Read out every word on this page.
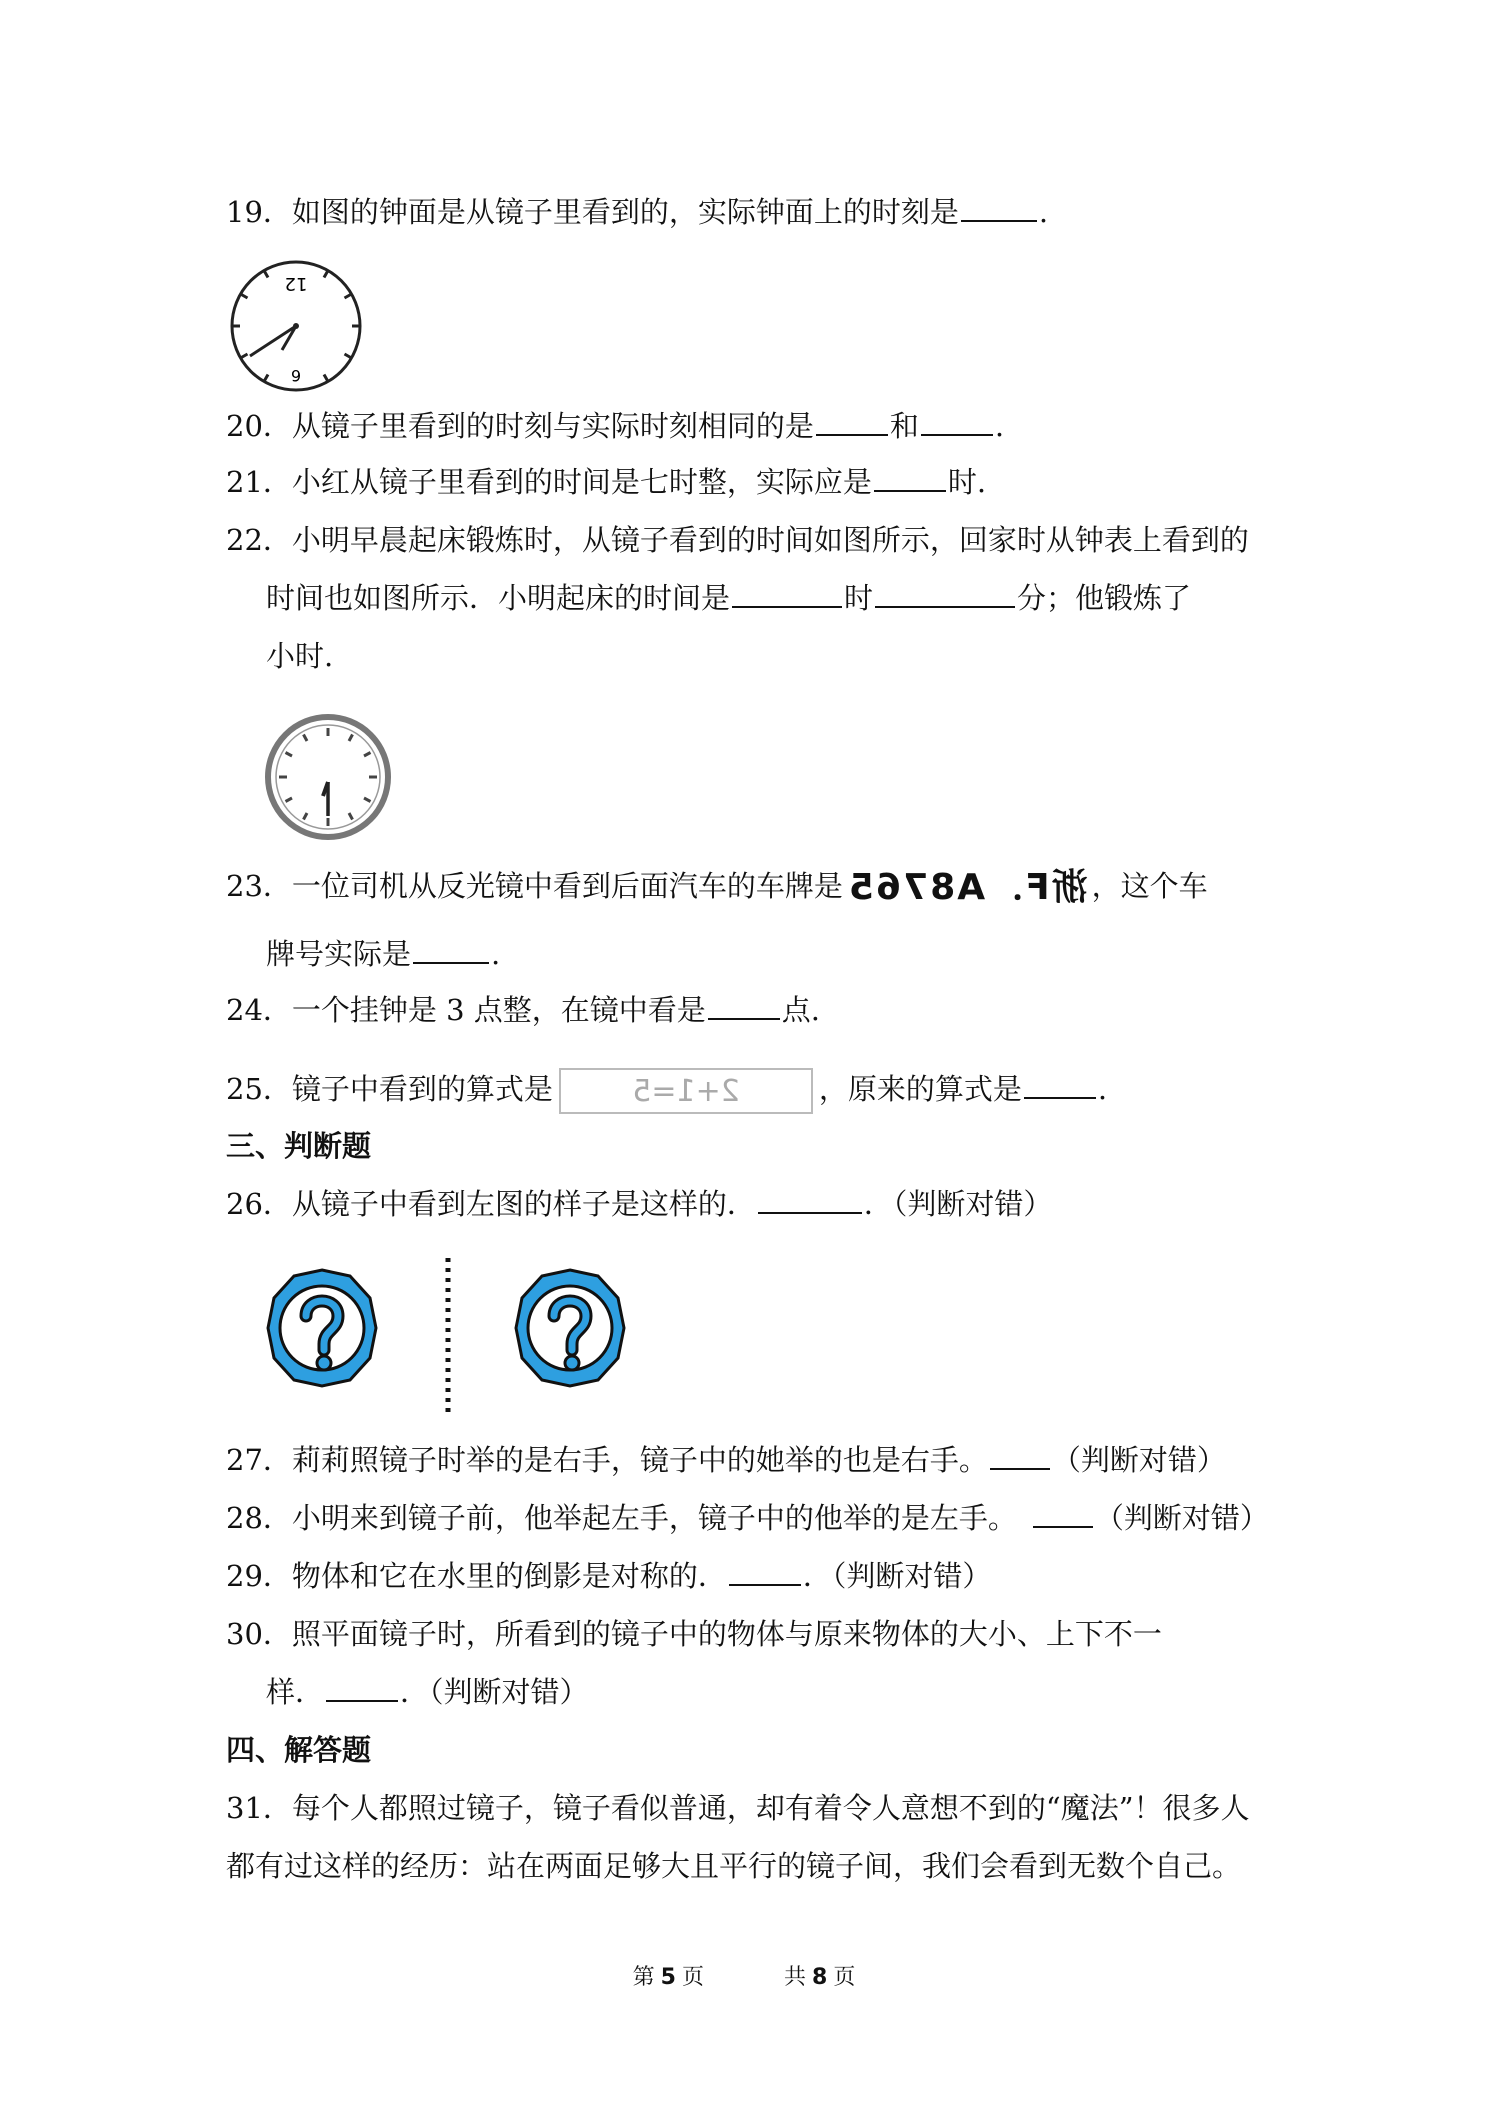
19．如图的钟面是从镜子里看到的，实际钟面上的时刻是	.
12
6
20．从镜子里看到的时刻与实际时刻相同的是	和	.
21．小红从镜子里看到的时间是七时整，实际应是	时.
22．小明早晨起床锻炼时，从镜子看到的时间如图所示，回家时从钟表上看到的
时间也如图所示．小明起床的时间是	时	分；他锻炼了
小时.
23．一位司机从反光镜中看到后面汽车的车牌是 浙F．A8765 ，这个车
牌号实际是	.
24．一个挂钟是 3 点整，在镜中看是	点.
25．镜子中看到的算式是	2+1=5	，原来的算式是	.
三、判断题
26．从镜子中看到左图的样子是这样的．	．（判断对错）
27．莉莉照镜子时举的是右手，镜子中的她举的也是右手。 （判断对错）
28．小明来到镜子前，他举起左手，镜子中的他举的是左手。	（判断对错）
29．物体和它在水里的倒影是对称的．	．（判断对错）
30．照平面镜子时，所看到的镜子中的物体与原来物体的大小、上下不一
样．	．（判断对错）
四、解答题
31．每个人都照过镜子，镜子看似普通，却有着令人意想不到的“魔法”！很多人
都有过这样的经历：站在两面足够大且平行的镜子间，我们会看到无数个自己。
第 5 页	共 8 页
